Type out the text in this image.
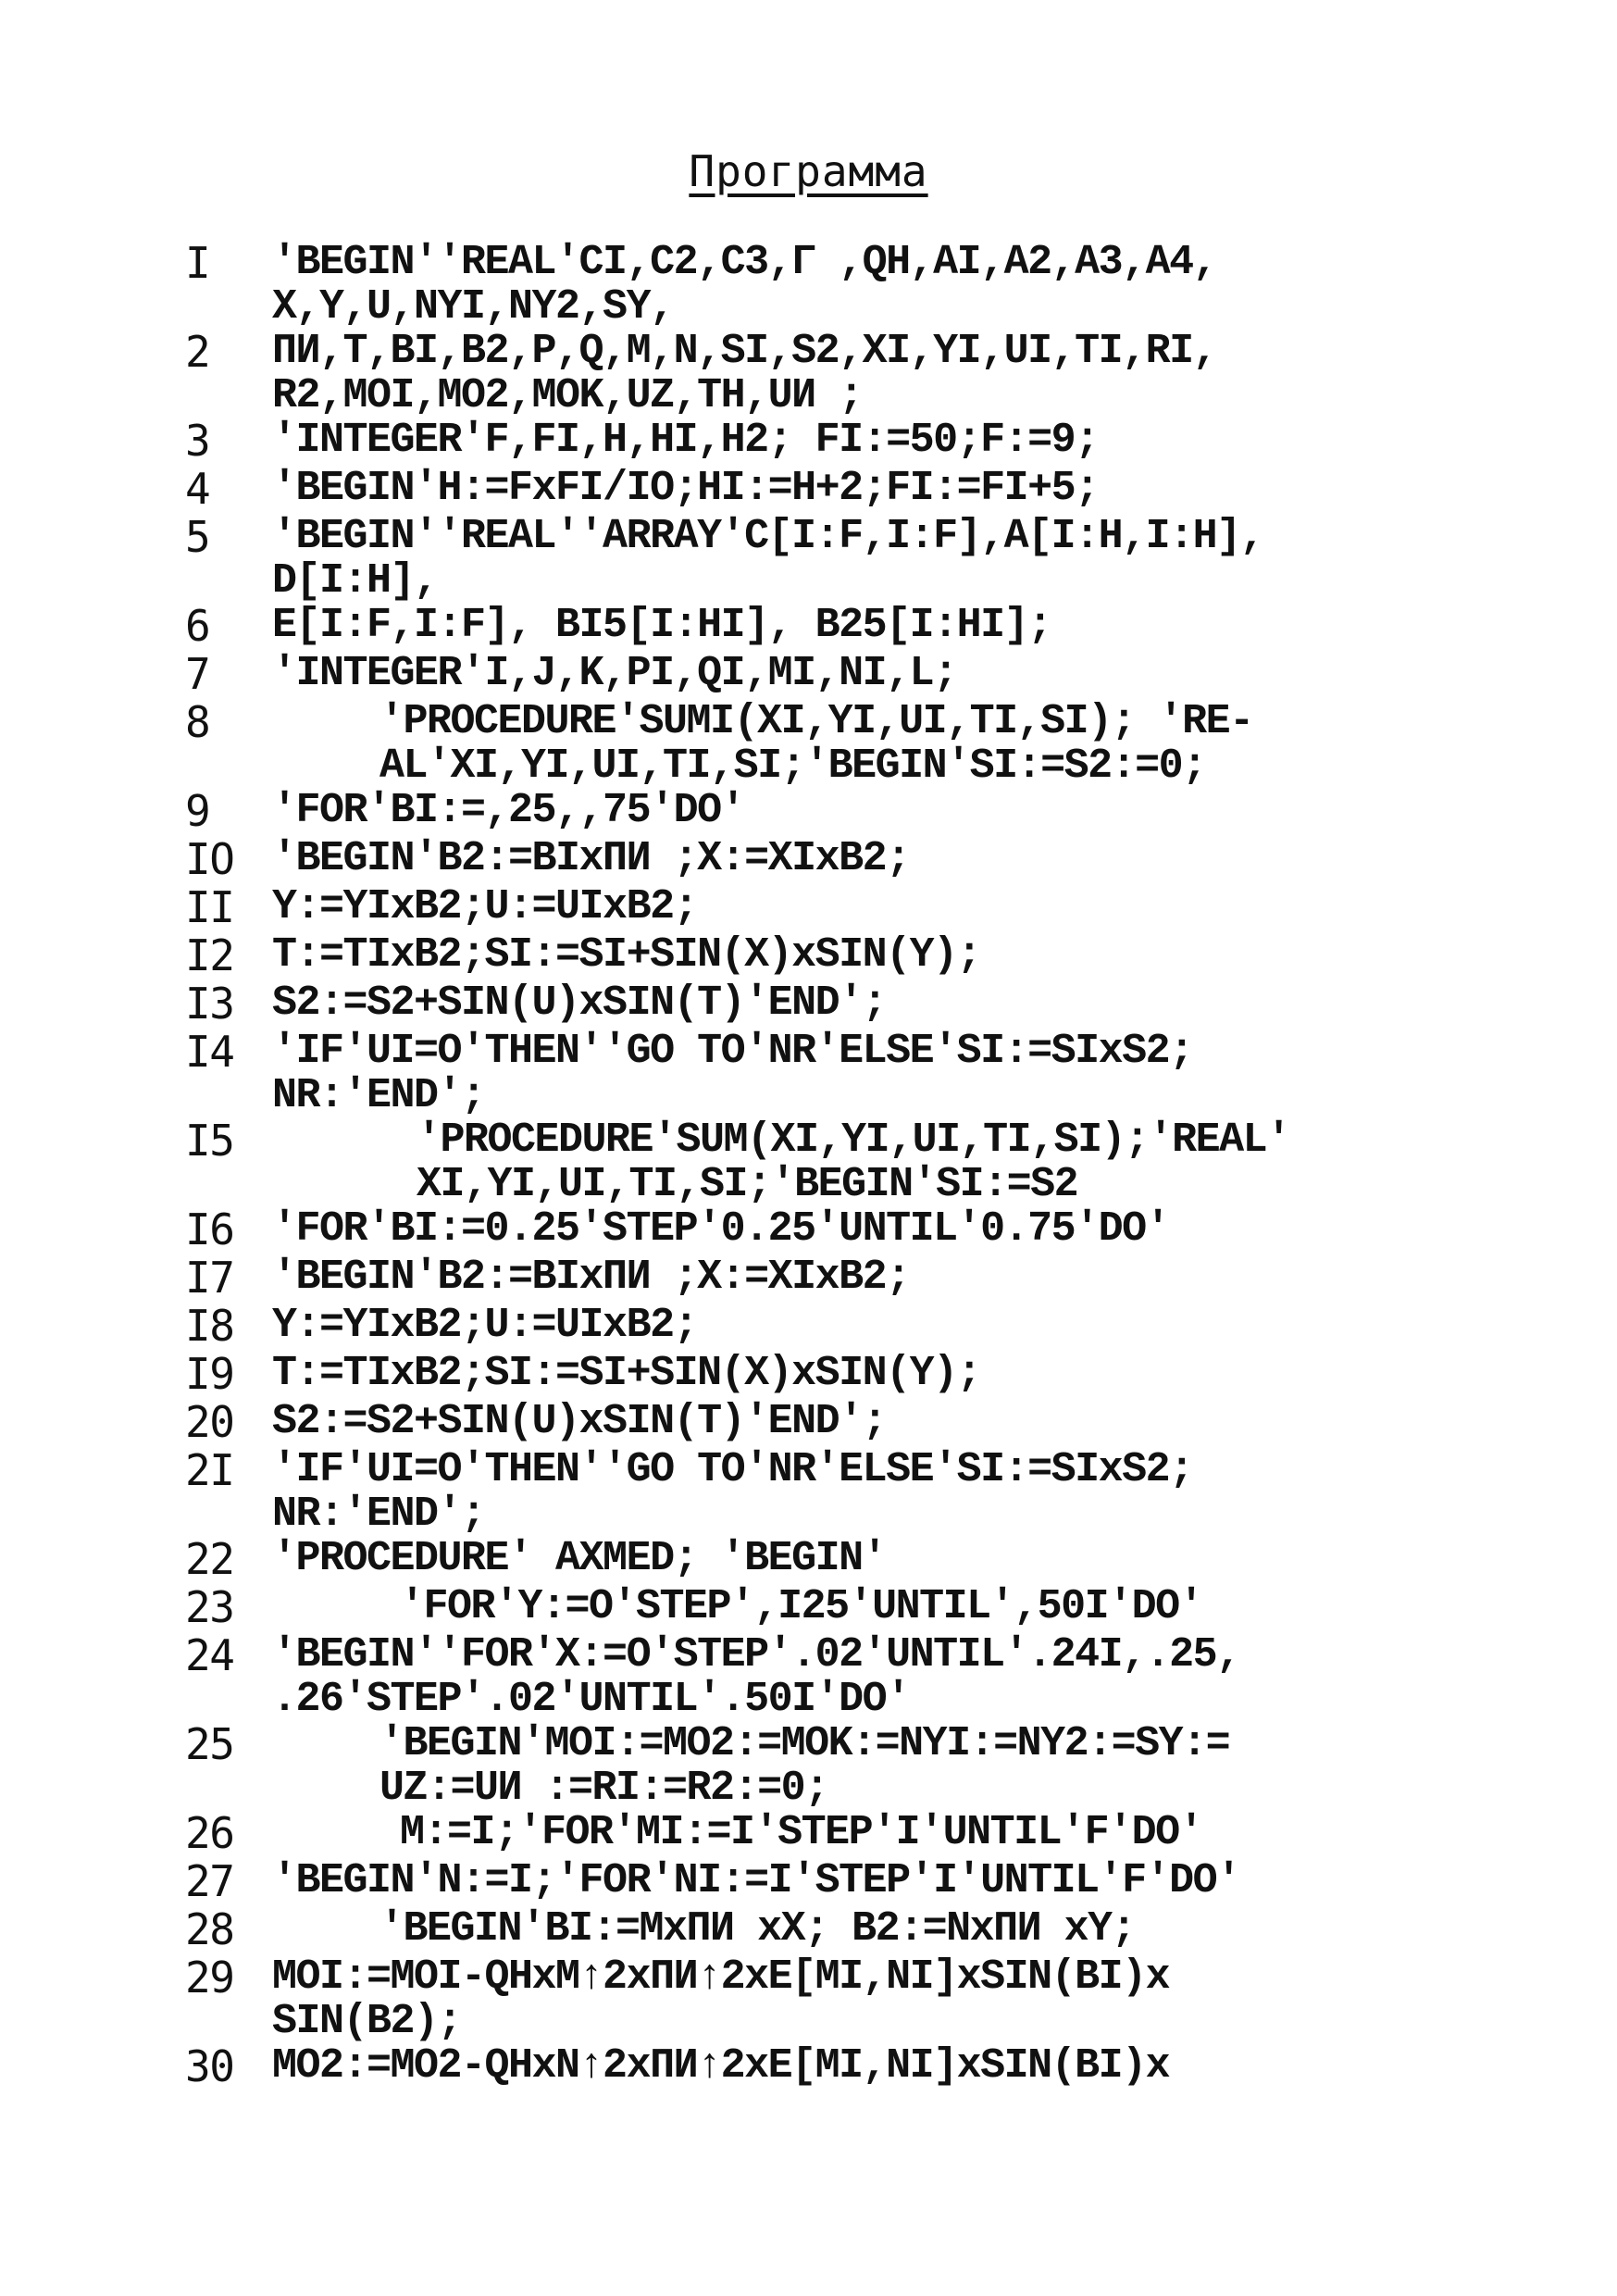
Программа
I	'BEGIN''REAL'CI,C2,C3,Г ,QH,AI,A2,A3,A4,
X,Y,U,NYI,NY2,SY,
2	ПИ,T,BI,B2,P,Q,M,N,SI,S2,XI,YI,UI,TI,RI,
R2,MOI,MO2,MOK,UZ,TH,UИ ;
3	'INTEGER'F,FI,H,HI,H2; FI:=50;F:=9;
4	'BEGIN'H:=FxFI/IO;HI:=H+2;FI:=FI+5;
5	'BEGIN''REAL''ARRAY'C[I:F,I:F],A[I:H,I:H],
D[I:H],
6	E[I:F,I:F], BI5[I:HI], B25[I:HI];
7	'INTEGER'I,J,K,PI,QI,MI,NI,L;
8	'PROCEDURE'SUMI(XI,YI,UI,TI,SI); 'RE-
AL'XI,YI,UI,TI,SI;'BEGIN'SI:=S2:=0;
9	'FOR'BI:=,25,,75'DO'
IO 'BEGIN'B2:=BIxПИ ;X:=XIxB2;
II Y:=YIxB2;U:=UIxB2;
I2 T:=TIxB2;SI:=SI+SIN(X)xSIN(Y);
I3 S2:=S2+SIN(U)xSIN(T)'END';
I4 'IF'UI=O'THEN''GO TO'NR'ELSE'SI:=SIxS2;
NR:'END';
I5	'PROCEDURE'SUM(XI,YI,UI,TI,SI);'REAL'
XI,YI,UI,TI,SI;'BEGIN'SI:=S2
I6 'FOR'BI:=0.25'STEP'0.25'UNTIL'0.75'DO'
I7 'BEGIN'B2:=BIxПИ ;X:=XIxB2;
I8 Y:=YIxB2;U:=UIxB2;
I9 T:=TIxB2;SI:=SI+SIN(X)xSIN(Y);
20 S2:=S2+SIN(U)xSIN(T)'END';
2I 'IF'UI=O'THEN''GO TO'NR'ELSE'SI:=SIxS2;
NR:'END';
22 'PROCEDURE' AXMED; 'BEGIN'
23	'FOR'Y:=O'STEP',I25'UNTIL',50I'DO'
24 'BEGIN''FOR'X:=O'STEP'.02'UNTIL'.24I,.25,
.26'STEP'.02'UNTIL'.50I'DO'
25	'BEGIN'MOI:=MO2:=MOK:=NYI:=NY2:=SY:=
UZ:=UИ :=RI:=R2:=0;
26	M:=I;'FOR'MI:=I'STEP'I'UNTIL'F'DO'
27 'BEGIN'N:=I;'FOR'NI:=I'STEP'I'UNTIL'F'DO'
28	'BEGIN'BI:=MxПИ xX; B2:=NxПИ xY;
29 MOI:=MOI-QHxM↑2xПИ↑2xE[MI,NI]xSIN(BI)x
SIN(B2);
30 MO2:=MO2-QHxN↑2xПИ↑2xE[MI,NI]xSIN(BI)x
